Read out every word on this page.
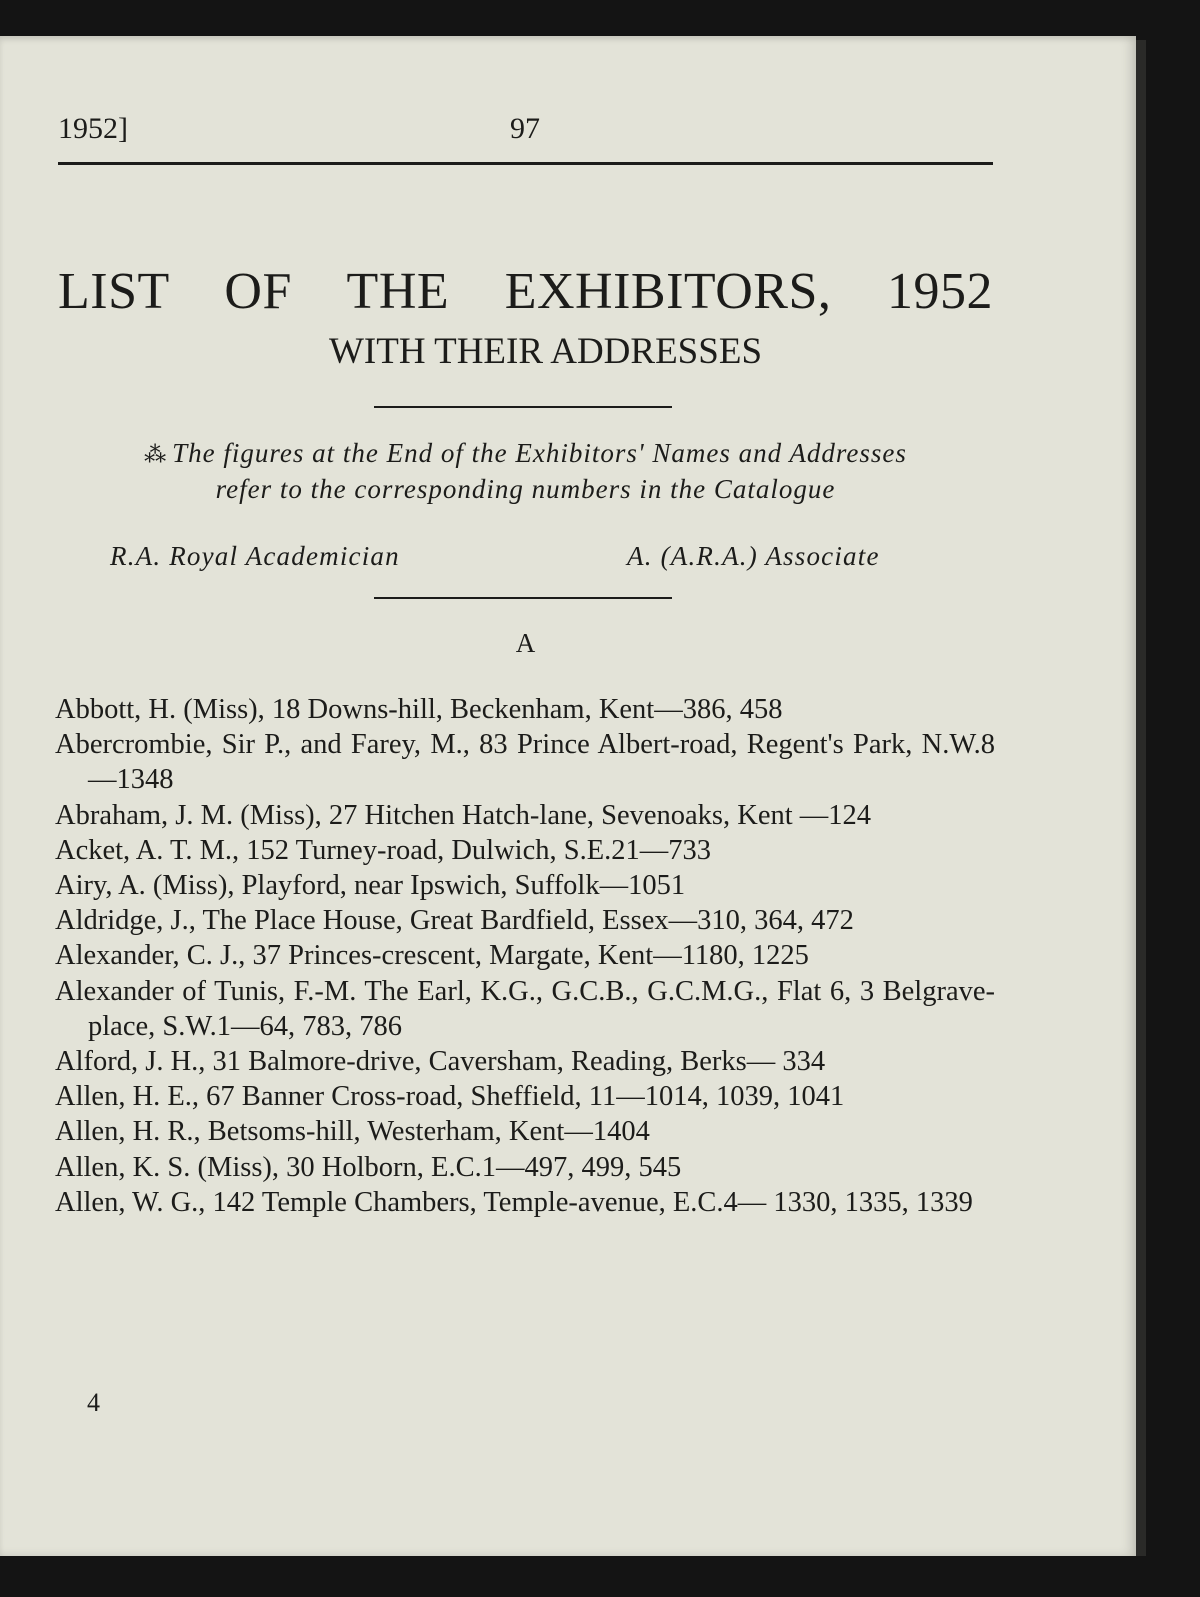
1952]	97
LIST OF THE EXHIBITORS, 1952
WITH THEIR ADDRESSES
⁂ The figures at the End of the Exhibitors' Names and Addresses
refer to the corresponding numbers in the Catalogue
R.A. Royal Academician	A. (A.R.A.) Associate
A

Abbott, H. (Miss), 18 Downs-hill, Beckenham, Kent—386, 458

Abercrombie, Sir P., and Farey, M., 83 Prince Albert-road, Regent's Park, N.W.8—1348

Abraham, J. M. (Miss), 27 Hitchen Hatch-lane, Sevenoaks, Kent —124

Acket, A. T. M., 152 Turney-road, Dulwich, S.E.21—733

Airy, A. (Miss), Playford, near Ipswich, Suffolk—1051

Aldridge, J., The Place House, Great Bardfield, Essex—310, 364, 472

Alexander, C. J., 37 Princes-crescent, Margate, Kent—1180, 1225

Alexander of Tunis, F.-M. The Earl, K.G., G.C.B., G.C.M.G., Flat 6, 3 Belgrave-place, S.W.1—64, 783, 786

Alford, J. H., 31 Balmore-drive, Caversham, Reading, Berks— 334

Allen, H. E., 67 Banner Cross-road, Sheffield, 11—1014, 1039, 1041

Allen, H. R., Betsoms-hill, Westerham, Kent—1404

Allen, K. S. (Miss), 30 Holborn, E.C.1—497, 499, 545

Allen, W. G., 142 Temple Chambers, Temple-avenue, E.C.4— 1330, 1335, 1339

4
